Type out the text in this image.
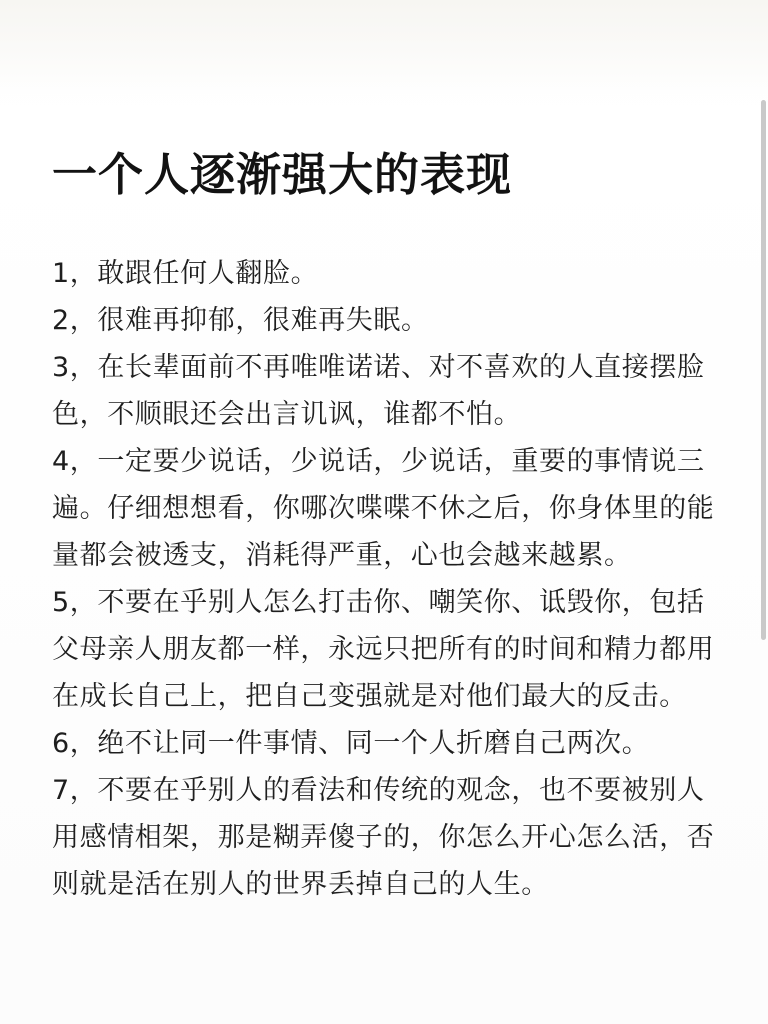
一个人逐渐强大的表现

1，敢跟任何人翻脸。

2，很难再抑郁，很难再失眠。

3，在长辈面前不再唯唯诺诺、对不喜欢的人直接摆脸色，不顺眼还会出言讥讽，谁都不怕。

4，一定要少说话，少说话，少说话，重要的事情说三遍。仔细想想看，你哪次喋喋不休之后，你身体里的能量都会被透支，消耗得严重，心也会越来越累。

5，不要在乎别人怎么打击你、嘲笑你、诋毁你，包括父母亲人朋友都一样，永远只把所有的时间和精力都用在成长自己上，把自己变强就是对他们最大的反击。

6，绝不让同一件事情、同一个人折磨自己两次。

7，不要在乎别人的看法和传统的观念，也不要被别人用感情相架，那是糊弄傻子的，你怎么开心怎么活，否则就是活在别人的世界丢掉自己的人生。
